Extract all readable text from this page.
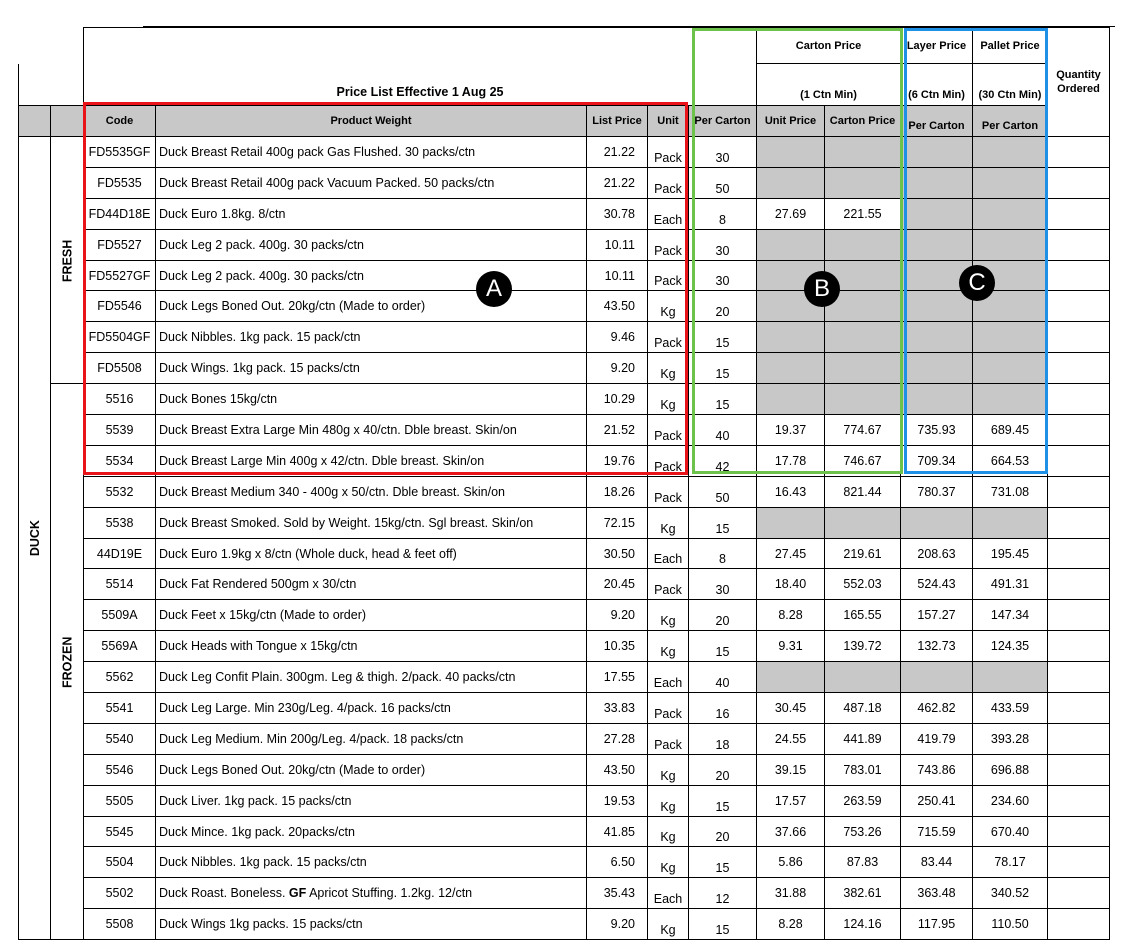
		Price List Effective 1 Aug 25					Carton Price		Layer Price	Pallet Price	Quantity Ordered
							(1 Ctn Min)		(6 Ctn Min)	(30 Ctn Min)	
		Code	Product Weight	List Price	Unit	Per Carton	Unit Price	Carton Price	Per Carton	Per Carton	
DUCK	FRESH	FD5535GF	Duck Breast Retail 400g pack Gas Flushed. 30 packs/ctn	21.22	Pack	30					
		FD5535	Duck Breast Retail 400g pack Vacuum Packed. 50 packs/ctn	21.22	Pack	50					
		FD44D18E	Duck Euro 1.8kg. 8/ctn	30.78	Each	8	27.69	221.55			
		FD5527	Duck Leg 2 pack. 400g. 30 packs/ctn	10.11	Pack	30					
		FD5527GF	Duck Leg 2 pack. 400g. 30 packs/ctn	10.11	Pack	30					
		FD5546	Duck Legs Boned Out. 20kg/ctn (Made to order)	43.50	Kg	20					
		FD5504GF	Duck Nibbles. 1kg pack. 15 pack/ctn	9.46	Pack	15					
		FD5508	Duck Wings. 1kg pack. 15 packs/ctn	9.20	Kg	15					
	FROZEN	5516	Duck Bones 15kg/ctn	10.29	Kg	15					
		5539	Duck Breast Extra Large Min 480g x 40/ctn. Dble breast. Skin/on	21.52	Pack	40	19.37	774.67	735.93	689.45	
		5534	Duck Breast Large Min 400g x 42/ctn. Dble breast. Skin/on	19.76	Pack	42	17.78	746.67	709.34	664.53	
		5532	Duck Breast Medium 340 - 400g x 50/ctn. Dble breast. Skin/on	18.26	Pack	50	16.43	821.44	780.37	731.08	
		5538	Duck Breast Smoked. Sold by Weight. 15kg/ctn. Sgl breast. Skin/on	72.15	Kg	15					
		44D19E	Duck Euro 1.9kg x 8/ctn (Whole duck, head & feet off)	30.50	Each	8	27.45	219.61	208.63	195.45	
		5514	Duck Fat Rendered 500gm x 30/ctn	20.45	Pack	30	18.40	552.03	524.43	491.31	
		5509A	Duck Feet x 15kg/ctn (Made to order)	9.20	Kg	20	8.28	165.55	157.27	147.34	
		5569A	Duck Heads with Tongue x 15kg/ctn	10.35	Kg	15	9.31	139.72	132.73	124.35	
		5562	Duck Leg Confit Plain. 300gm. Leg & thigh. 2/pack. 40 packs/ctn	17.55	Each	40					
		5541	Duck Leg Large. Min 230g/Leg. 4/pack. 16 packs/ctn	33.83	Pack	16	30.45	487.18	462.82	433.59	
		5540	Duck Leg Medium. Min 200g/Leg. 4/pack. 18 packs/ctn	27.28	Pack	18	24.55	441.89	419.79	393.28	
		5546	Duck Legs Boned Out. 20kg/ctn (Made to order)	43.50	Kg	20	39.15	783.01	743.86	696.88	
		5505	Duck Liver. 1kg pack. 15 packs/ctn	19.53	Kg	15	17.57	263.59	250.41	234.60	
		5545	Duck Mince. 1kg pack. 20packs/ctn	41.85	Kg	20	37.66	753.26	715.59	670.40	
		5504	Duck Nibbles. 1kg pack. 15 packs/ctn	6.50	Kg	15	5.86	87.83	83.44	78.17	
		5502	Duck Roast. Boneless. GF Apricot Stuffing. 1.2kg. 12/ctn	35.43	Each	12	31.88	382.61	363.48	340.52	
		5508	Duck Wings 1kg packs. 15 packs/ctn	9.20	Kg	15	8.28	124.16	117.95	110.50	
A	B	C
